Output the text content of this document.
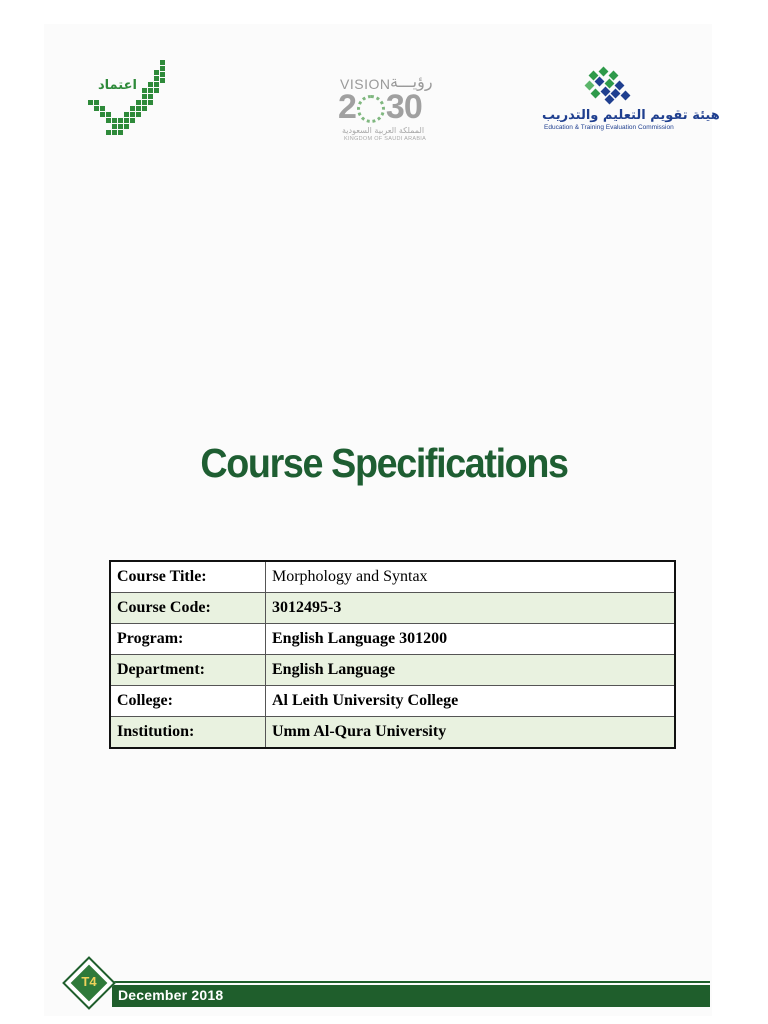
اعتماد	VISION رؤيـــة
2 30
المملكة العربية السعودية
KINGDOM OF SAUDI ARABIA
هيئة تقويم التعليم والتدريب
Education & Training Evaluation Commission
Course Specifications
Course Title:	Morphology and Syntax
Course Code:	3012495-3
Program:	English Language 301200
Department:	English Language
College:	Al Leith University College
Institution:	Umm Al-Qura University
December 2018
T4
